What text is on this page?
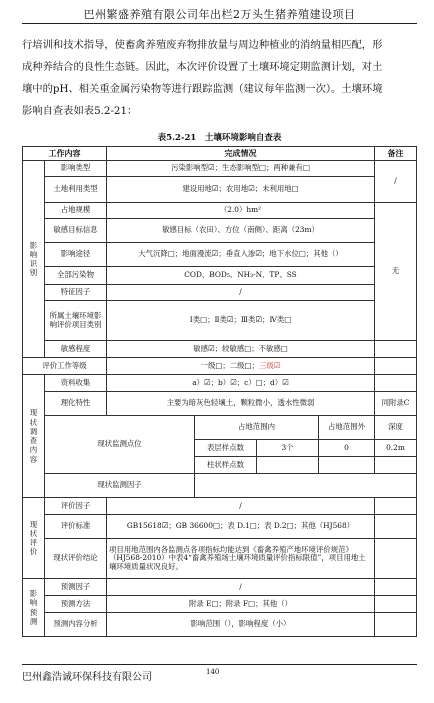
巴州繁盛养殖有限公司年出栏2万头生猪养殖建设项目

行培训和技术指导，使畜禽养殖废弃物排放量与周边种植业的消纳量相匹配，形

成种养结合的良性生态链。因此，本次评价设置了土壤环境定期监测计划，对土

壤中的pH、相关重金属污染物等进行跟踪监测（建议每年监测一次）。土壤环境

影响自查表如表5.2-21：

表5.2-21　土壤环境影响自查表
工作内容		完成情况				备注	

影响识别	影响类型	污染影响型☑；生态影响型□；两种兼有□				/	
	土地利用类型	建设用地☑；农用地☑；未利用地□					
	占地规模	（2.0）hm²				无	
	敏感目标信息	敏感目标（农田）、方位（南侧）、距离（23m）					
	影响途径	大气沉降□；地面漫流☑；垂直入渗☑；地下水位□；其他（）					
	全部污染物	COD、BOD₅、NH₃-N、TP、SS					
	特征因子	/					
	所属土壤环境影响评价项目类别	Ⅰ类□；Ⅱ类☑；Ⅲ类☑；Ⅳ类□					
	敏感程度	敏感☑；较敏感□；不敏感□					
评价工作等级		一级□；二级□；三级☑					

现状调查内容	资料收集	a）☑；b）☑；c）□；d）☑					
	理化特性	主要为暗灰色轻壤土，颗粒微小，透水性微弱				同附录C	
	现状监测点位		占地范围内		占地范围外	深度	
			表层样点数	3个	0	0.2m	
			柱状样点数				
	现状监测因子						

现状评价	评价因子	/					
	评价标准	GB15618☑；GB 36600□；表 D.1□；表 D.2□；其他（HJ568）					
	现状评价结论	项目用地范围内各监测点各项指标均能达到《畜禽养殖产地环境评价规范》（HJ568-2010）中表4“畜禽养殖场土壤环境质量评价指标限值”，项目用地土壤环境质量状况良好。					

影响预测	预测因子	/					
	预测方法	附录 E□；附录 F□；其他（）					
	预测内容分析	影响范围（），影响程度（小）					
巴州鑫浩诚环保科技有限公司	140
